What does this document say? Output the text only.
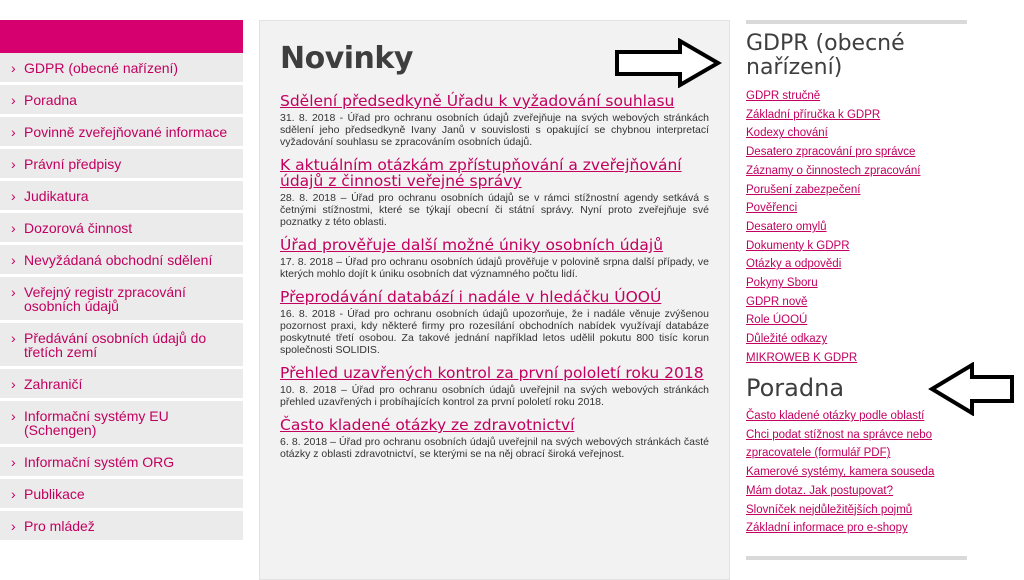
› GDPR (obecné nařízení)
› Poradna
› Povinně zveřejňované informace
› Právní předpisy
› Judikatura
› Dozorová činnost
› Nevyžádaná obchodní sdělení
› Veřejný registr zpracování osobních údajů
› Předávání osobních údajů do třetích zemí
› Zahraničí
› Informační systémy EU (Schengen)
› Informační systém ORG
› Publikace
› Pro mládež
Novinky
Sdělení předsedkyně Úřadu k vyžadování souhlasu

31. 8. 2018 - Úřad pro ochranu osobních údajů zveřejňuje na svých webových stránkách sdělení jeho předsedkyně Ivany Janů v souvislosti s opakující se chybnou interpretací vyžadování souhlasu se zpracováním osobních údajů.

K aktuálním otázkám zpřístupňování a zveřejňování údajů z činnosti veřejné správy

28. 8. 2018 – Úřad pro ochranu osobních údajů se v rámci stížnostní agendy setkává s četnými stížnostmi, které se týkají obecní či státní správy. Nyní proto zveřejňuje své poznatky z této oblasti.

Úřad prověřuje další možné úniky osobních údajů

17. 8. 2018 – Úřad pro ochranu osobních údajů prověřuje v polovině srpna další případy, ve kterých mohlo dojít k úniku osobních dat významného počtu lidí.

Přeprodávání databází i nadále v hledáčku ÚOOÚ

16. 8. 2018 - Úřad pro ochranu osobních údajů upozorňuje, že i nadále věnuje zvýšenou pozornost praxi, kdy některé firmy pro rozesílání obchodních nabídek využívají databáze poskytnuté třetí osobou. Za takové jednání například letos udělil pokutu 800 tisíc korun společnosti SOLIDIS.

Přehled uzavřených kontrol za první pololetí roku 2018

10. 8. 2018 – Úřad pro ochranu osobních údajů uveřejnil na svých webových stránkách přehled uzavřených i probíhajících kontrol za první pololetí roku 2018.

Často kladené otázky ze zdravotnictví

6. 8. 2018 – Úřad pro ochranu osobních údajů uveřejnil na svých webových stránkách časté otázky z oblasti zdravotnictví, se kterými se na něj obrací široká veřejnost.

GDPR (obecné nařízení)
GDPR stručně
Základní příručka k GDPR
Kodexy chování
Desatero zpracování pro správce
Záznamy o činnostech zpracování
Porušení zabezpečení
Pověřenci
Desatero omylů
Dokumenty k GDPR
Otázky a odpovědi
Pokyny Sboru
GDPR nově
Role ÚOOÚ
Důležité odkazy
MIKROWEB K GDPR
Poradna
Často kladené otázky podle oblastí
Chci podat stížnost na správce nebo zpracovatele (formulář PDF)
Kamerové systémy, kamera souseda
Mám dotaz. Jak postupovat?
Slovníček nejdůležitějších pojmů
Základní informace pro e-shopy
